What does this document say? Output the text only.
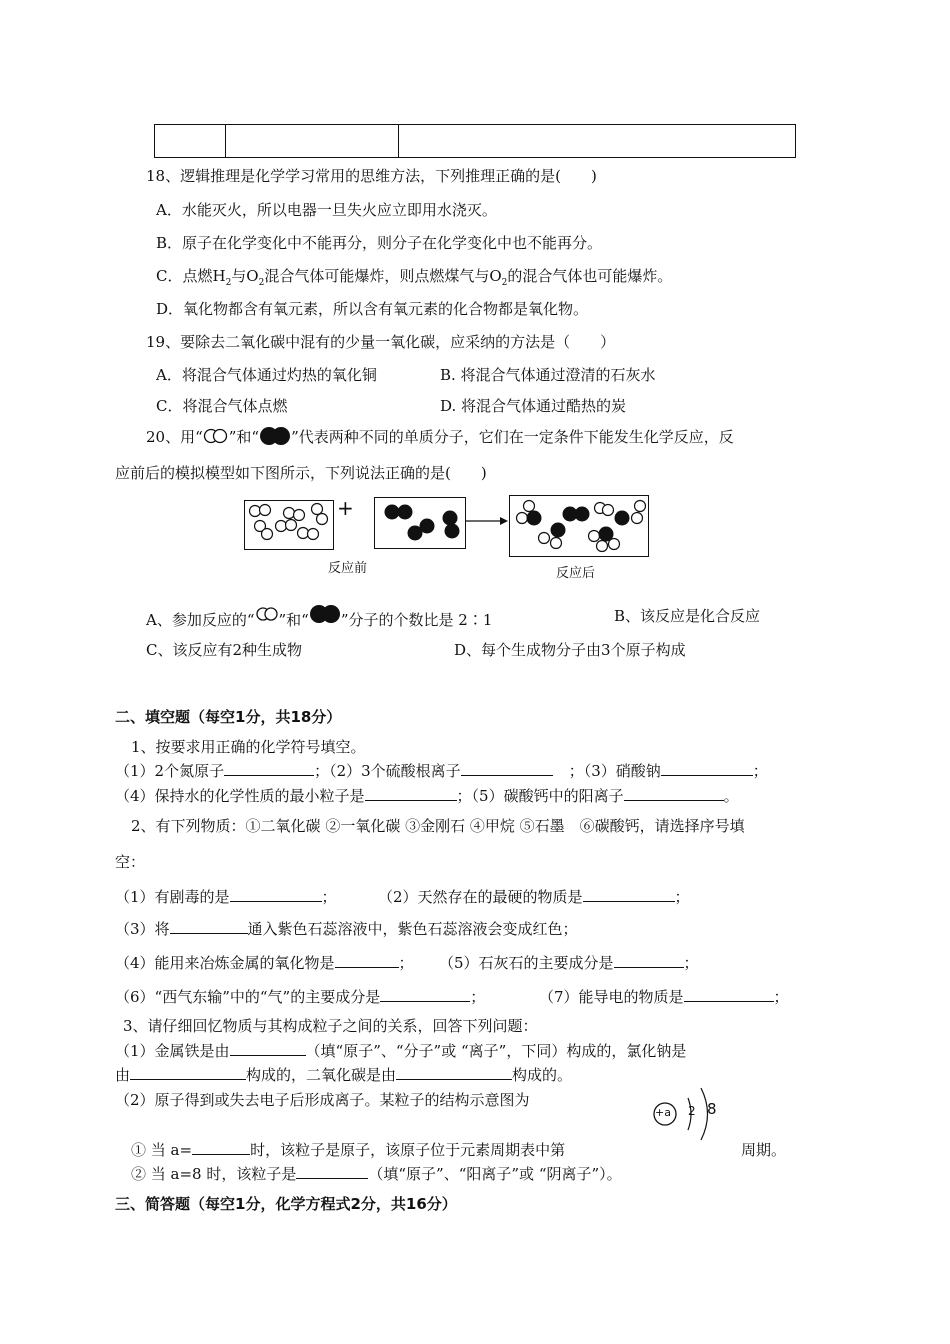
18、逻辑推理是化学学习常用的思维方法，下列推理正确的是(　　)
A．水能灭火，所以电器一旦失火应立即用水浇灭。
B．原子在化学变化中不能再分，则分子在化学变化中也不能再分。
C．点燃$H_2$与$O_2$混合气体可能爆炸，则点燃煤气与$O_2$的混合气体也可能爆炸。
D．氧化物都含有氧元素，所以含有氧元素的化合物都是氧化物。
19、要除去二氧化碳中混有的少量一氧化碳，应采纳的方法是（　　）
A．将混合气体通过灼热的氧化铜	B. 将混合气体通过澄清的石灰水
C．将混合气体点燃	D. 将混合气体通过酷热的炭
20、用“ ”和“ ”代表两种不同的单质分子，它们在一定条件下能发生化学反应，反
应前后的模拟模型如下图所示，下列说法正确的是(　　)
+
反应前	反应后
A、参加反应的“ ”和“ ”分子的个数比是 2∶1	B、该反应是化合反应
C、该反应有2种生成物	D、每个生成物分子由3个原子构成
二、填空题（每空1分，共18分）
1、按要求用正确的化学符号填空。
（1）2个氮原子	；（2）3个硫酸根离子	；（3）硝酸钠	；
（4）保持水的化学性质的最小粒子是	；（5）碳酸钙中的阳离子	。
2、有下列物质：①二氧化碳 ②一氧化碳 ③金刚石 ④甲烷 ⑤石墨　⑥碳酸钙，请选择序号填
空：
（1）有剧毒的是	；	（2）天然存在的最硬的物质是	；
（3）将	通入紫色石蕊溶液中，紫色石蕊溶液会变成红色；
（4）能用来冶炼金属的氧化物是	； （5）石灰石的主要成分是	；
（6）“西气东输”中的“气”的主要成分是	；	（7）能导电的物质是	；
3、请仔细回忆物质与其构成粒子之间的关系，回答下列问题：
（1）金属铁是由	（填“原子”、“分子”或 “离子”，下同）构成的，氯化钠是
由	构成的，二氧化碳是由	构成的。
（2）原子得到或失去电子后形成离子。某粒子的结构示意图为
+a 2 8
① 当 a=	时，该粒子是原子，该原子位于元素周期表中第	周期。
② 当 a=8 时，该粒子是	（填“原子”、“阳离子”或 “阴离子”）。
三、简答题（每空1分，化学方程式2分，共16分）
